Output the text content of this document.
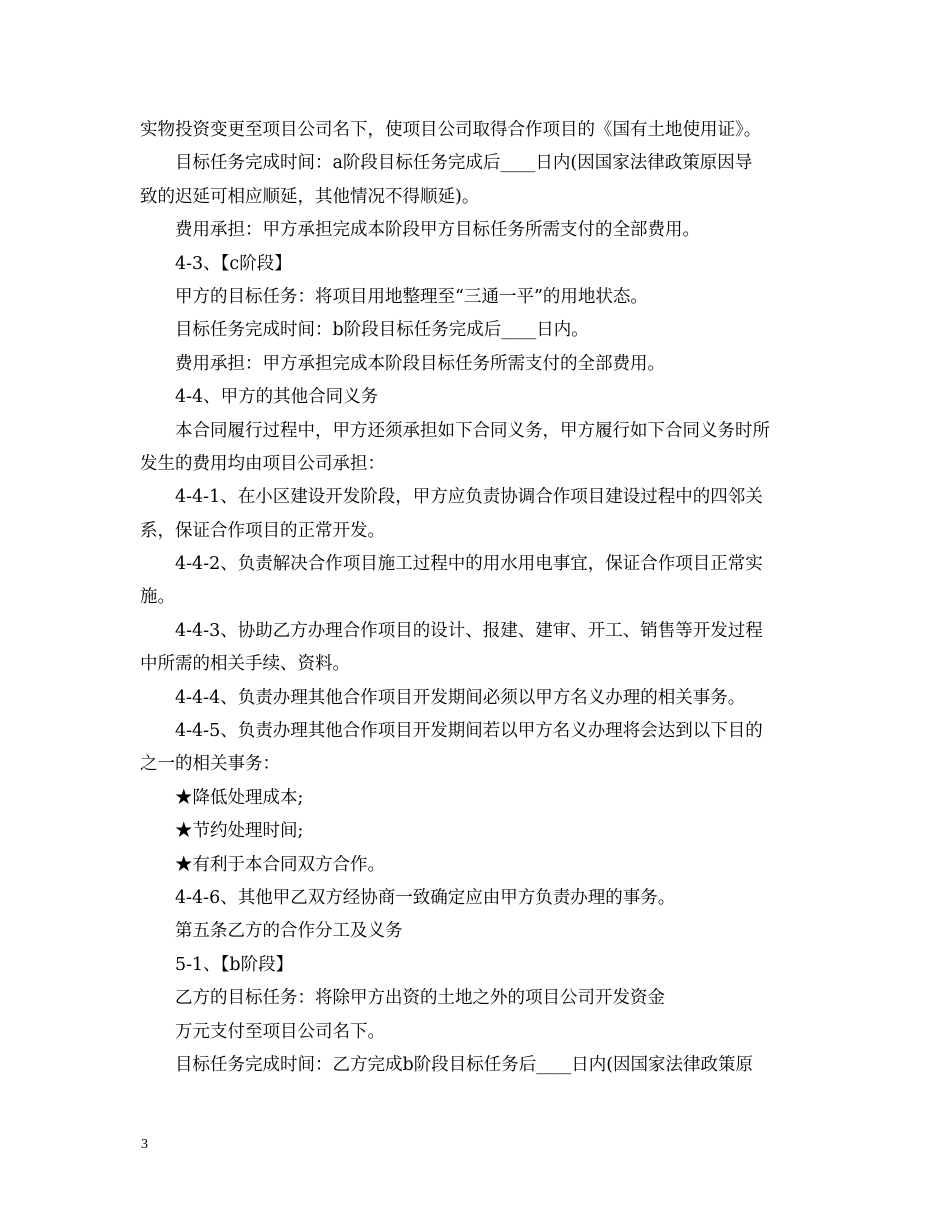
实物投资变更至项目公司名下，使项目公司取得合作项目的《国有土地使用证》。
目标任务完成时间：a阶段目标任务完成后____日内(因国家法律政策原因导
致的迟延可相应顺延，其他情况不得顺延)。
费用承担：甲方承担完成本阶段甲方目标任务所需支付的全部费用。
4-3、【c阶段】
甲方的目标任务：将项目用地整理至“三通一平”的用地状态。
目标任务完成时间：b阶段目标任务完成后____日内。
费用承担：甲方承担完成本阶段目标任务所需支付的全部费用。
4-4、甲方的其他合同义务
本合同履行过程中，甲方还须承担如下合同义务，甲方履行如下合同义务时所
发生的费用均由项目公司承担：
4-4-1、在小区建设开发阶段，甲方应负责协调合作项目建设过程中的四邻关
系，保证合作项目的正常开发。
4-4-2、负责解决合作项目施工过程中的用水用电事宜，保证合作项目正常实
施。
4-4-3、协助乙方办理合作项目的设计、报建、建审、开工、销售等开发过程
中所需的相关手续、资料。
4-4-4、负责办理其他合作项目开发期间必须以甲方名义办理的相关事务。
4-4-5、负责办理其他合作项目开发期间若以甲方名义办理将会达到以下目的
之一的相关事务：
★降低处理成本;
★节约处理时间;
★有利于本合同双方合作。
4-4-6、其他甲乙双方经协商一致确定应由甲方负责办理的事务。
第五条乙方的合作分工及义务
5-1、【b阶段】
乙方的目标任务：将除甲方出资的土地之外的项目公司开发资金
万元支付至项目公司名下。
目标任务完成时间：乙方完成b阶段目标任务后____日内(因国家法律政策原
3
